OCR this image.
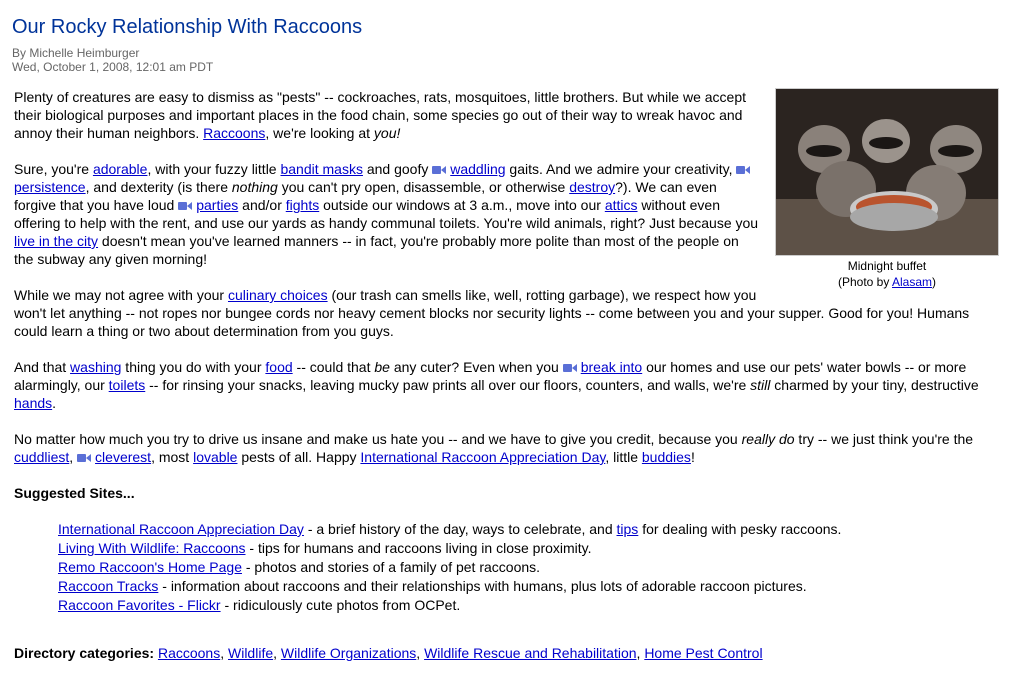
Our Rocky Relationship With Raccoons
By Michelle Heimburger
Wed, October 1, 2008, 12:01 am PDT
Midnight buffet
(Photo by Alasam)

Plenty of creatures are easy to dismiss as "pests" -- cockroaches, rats, mosquitoes, little brothers. But while we accept their biological purposes and important places in the food chain, some species go out of their way to wreak havoc and annoy their human neighbors. Raccoons, we're looking at you!

Sure, you're adorable, with your fuzzy little bandit masks and goofy waddling gaits. And we admire your creativity, persistence, and dexterity (is there nothing you can't pry open, disassemble, or otherwise destroy?). We can even forgive that you have loud parties and/or fights outside our windows at 3 a.m., move into our attics without even offering to help with the rent, and use our yards as handy communal toilets. You're wild animals, right? Just because you live in the city doesn't mean you've learned manners -- in fact, you're probably more polite than most of the people on the subway any given morning!

While we may not agree with your culinary choices (our trash can smells like, well, rotting garbage), we respect how you won't let anything -- not ropes nor bungee cords nor heavy cement blocks nor security lights -- come between you and your supper. Good for you! Humans could learn a thing or two about determination from you guys.

And that washing thing you do with your food -- could that be any cuter? Even when you break into our homes and use our pets' water bowls -- or more alarmingly, our toilets -- for rinsing your snacks, leaving mucky paw prints all over our floors, counters, and walls, we're still charmed by your tiny, destructive hands.

No matter how much you try to drive us insane and make us hate you -- and we have to give you credit, because you really do try -- we just think you're the cuddliest, cleverest, most lovable pests of all. Happy International Raccoon Appreciation Day, little buddies!

Suggested Sites...
International Raccoon Appreciation Day - a brief history of the day, ways to celebrate, and tips for dealing with pesky raccoons.
Living With Wildlife: Raccoons - tips for humans and raccoons living in close proximity.
Remo Raccoon's Home Page - photos and stories of a family of pet raccoons.
Raccoon Tracks - information about raccoons and their relationships with humans, plus lots of adorable raccoon pictures.
Raccoon Favorites - Flickr - ridiculously cute photos from OCPet.
Directory categories: Raccoons, Wildlife, Wildlife Organizations, Wildlife Rescue and Rehabilitation, Home Pest Control
